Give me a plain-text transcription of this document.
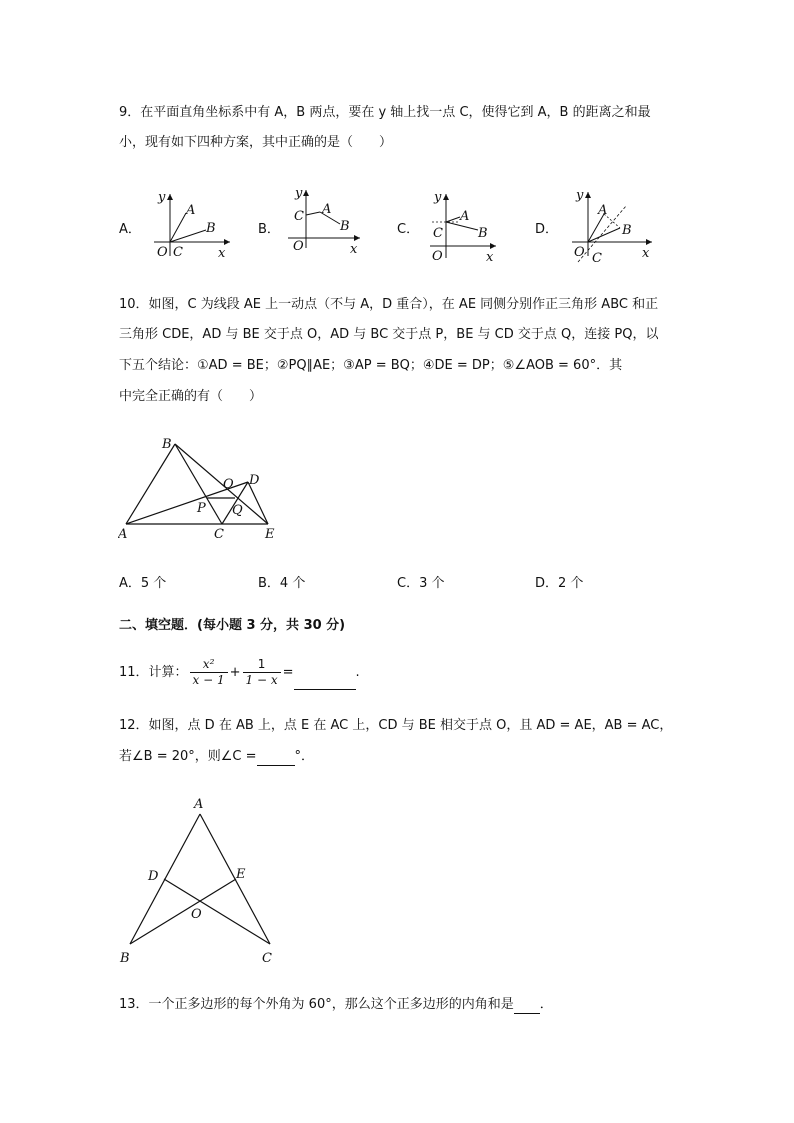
9．在平面直角坐标系中有 A，B 两点，要在 y 轴上找一点 C，使得它到 A，B 的距离之和最
小，现有如下四种方案，其中正确的是（　　）
A．
y
x
O C
A
B	B．
y
x
O
C A
B	C．
y
x
O
C
A
B	D．
y
x
O C
A
B
10．如图，C 为线段 AE 上一动点（不与 A，D 重合），在 AE 同侧分别作正三角形 ABC 和正
三角形 CDE，AD 与 BE 交于点 O，AD 与 BC 交于点 P，BE 与 CD 交于点 Q，连接 PQ，以
下五个结论：①AD = BE；②PQ∥AE；③AP = BQ；④DE = DP；⑤∠AOB = 60°．其
中完全正确的有（　　）
A
B
C
D
E
O
P Q
A．5 个	B．4 个	C．3 个	D．2 个
二、填空题．(每小题 3 分，共 30 分)
11．计算： $\frac{\text{x²}}{x - 1} + \frac{1}{1 - x}$ =	.
12．如图，点 D 在 AB 上，点 E 在 AC 上，CD 与 BE 相交于点 O，且 AD = AE，AB = AC，
若∠B = 20°，则∠C =	°．
A
B	C
D	E
O
13．一个正多边形的每个外角为 60°，那么这个正多边形的内角和是 ．
